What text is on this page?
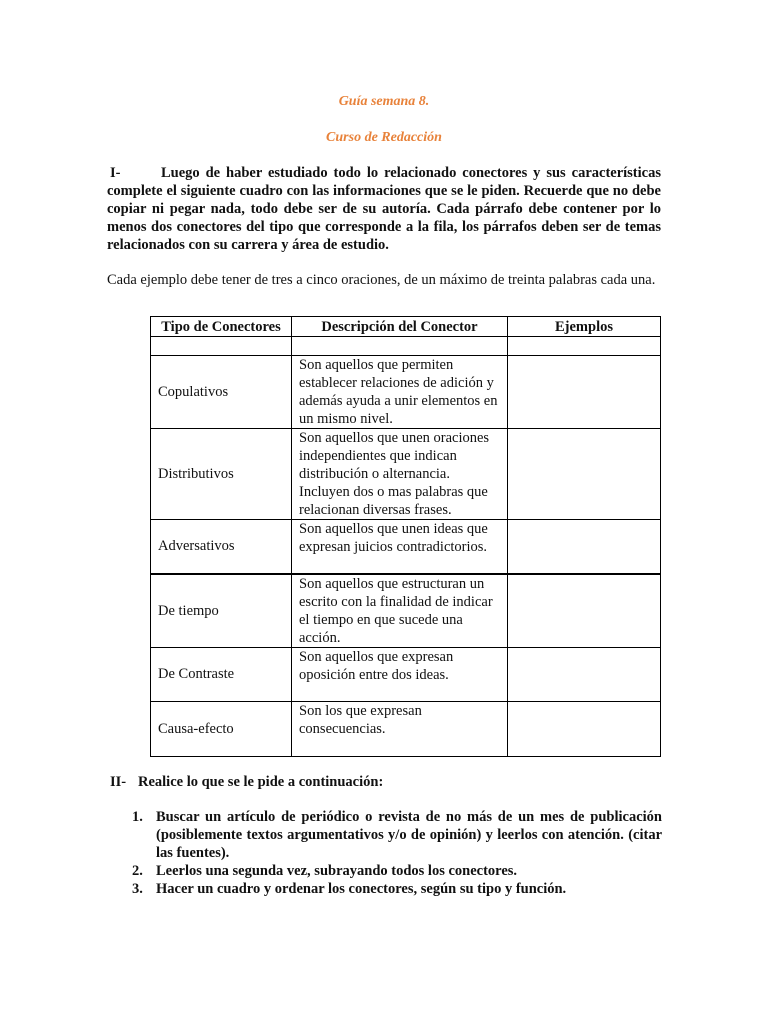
Guía semana 8.
Curso de Redacción
I-	Luego de haber estudiado todo lo relacionado conectores y sus características complete el siguiente cuadro con las informaciones que se le piden. Recuerde que no debe copiar ni pegar nada, todo debe ser de su autoría. Cada párrafo debe contener por lo menos dos conectores del tipo que corresponde a la fila, los párrafos deben ser de temas relacionados con su carrera y área de estudio.
Cada ejemplo debe tener de tres a cinco oraciones, de un máximo de treinta palabras cada una.
Tipo de Conectores	Descripción del Conector	Ejemplos

Copulativos	Son aquellos que permiten establecer relaciones de adición y además ayuda a unir elementos en un mismo nivel.	
Distributivos	Son aquellos que unen oraciones independientes que indican distribución o alternancia. Incluyen dos o mas palabras que relacionan diversas frases.	
Adversativos	Son aquellos que unen ideas que expresan juicios contradictorios.	
De tiempo	Son aquellos que estructuran un escrito con la finalidad de indicar el tiempo en que sucede una acción.	
De Contraste	Son aquellos que expresan oposición entre dos ideas.	
Causa-efecto	Son los que expresan consecuencias.	
II- Realice lo que se le pide a continuación:
1. Buscar un artículo de periódico o revista de no más de un mes de publicación (posiblemente textos argumentativos y/o de opinión) y leerlos con atención. (citar las fuentes).
2. Leerlos una segunda vez, subrayando todos los conectores.
3. Hacer un cuadro y ordenar los conectores, según su tipo y función.
